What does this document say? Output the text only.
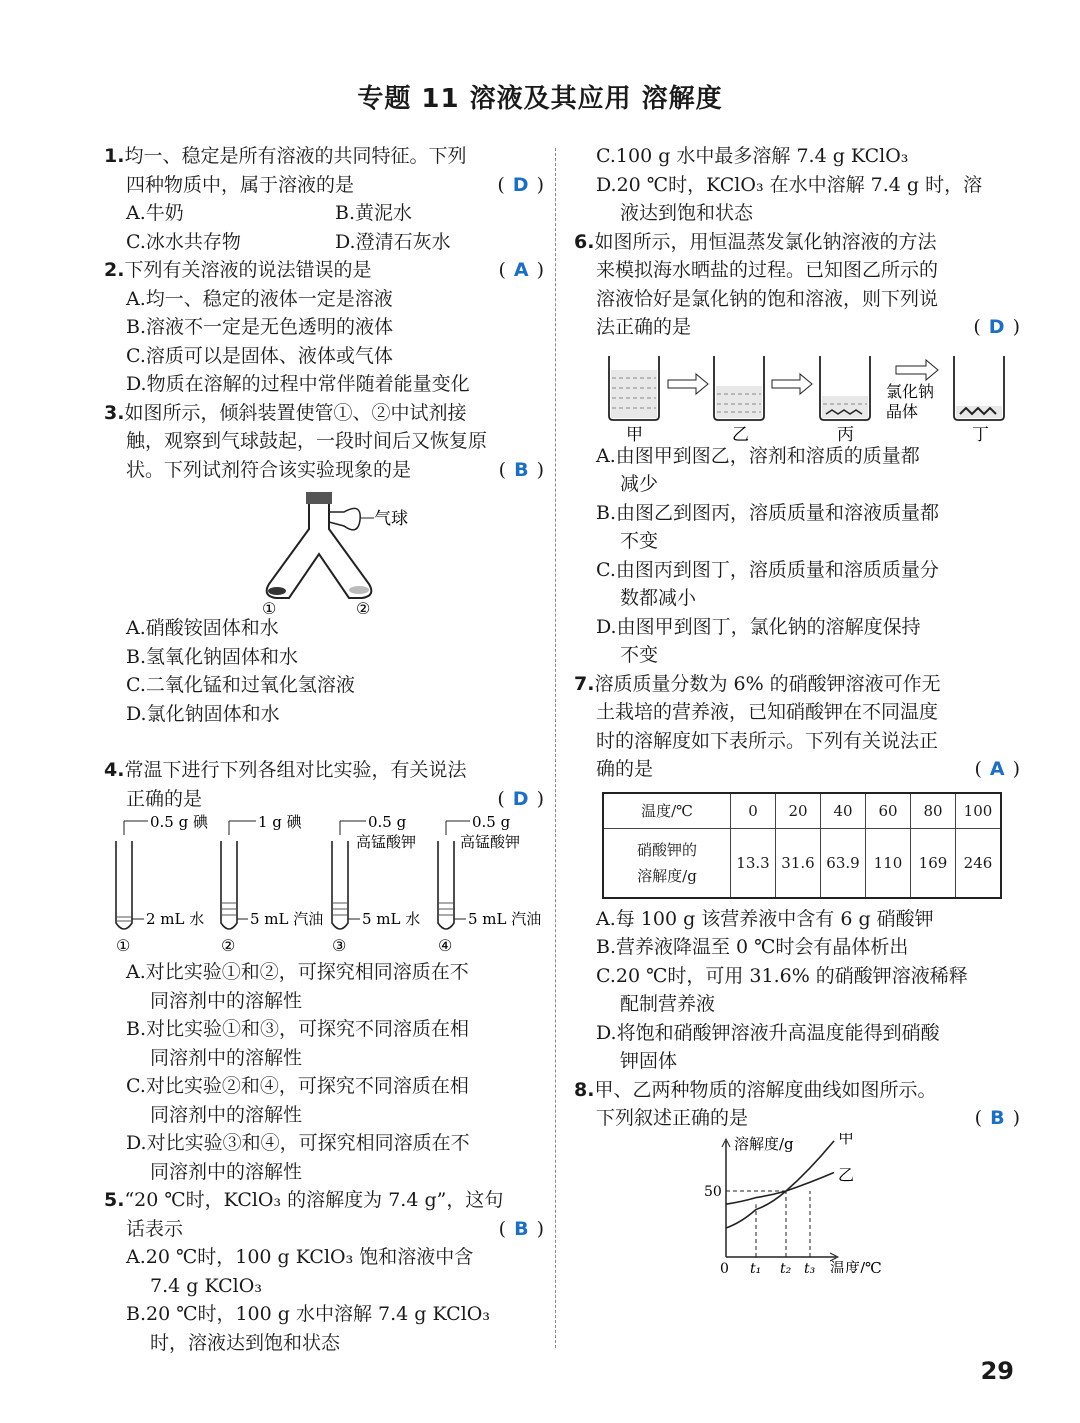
专题 11 溶液及其应用 溶解度
1.均一、稳定是所有溶液的共同特征。下列
四种物质中，属于溶液的是	( D )
A.牛奶	B.黄泥水
C.冰水共存物	D.澄清石灰水
2.下列有关溶液的说法错误的是	( A )
A.均一、稳定的液体一定是溶液
B.溶液不一定是无色透明的液体
C.溶质可以是固体、液体或气体
D.物质在溶解的过程中常伴随着能量变化
3.如图所示，倾斜装置使管①、②中试剂接
触，观察到气球鼓起，一段时间后又恢复原
状。下列试剂符合该实验现象的是	( B )
气球
①	②
A.硝酸铵固体和水
B.氢氧化钠固体和水
C.二氧化锰和过氧化氢溶液
D.氯化钠固体和水
4.常温下进行下列各组对比实验，有关说法
正确的是	( D )
0.5 g 碘
2 mL 水
①
1 g 碘
5 mL 汽油
②
0.5 g
高锰酸钾
5 mL 水
③
0.5 g
高锰酸钾
5 mL 汽油
④
A.对比实验①和②，可探究相同溶质在不
同溶剂中的溶解性
B.对比实验①和③，可探究不同溶质在相
同溶剂中的溶解性
C.对比实验②和④，可探究不同溶质在相
同溶剂中的溶解性
D.对比实验③和④，可探究相同溶质在不
同溶剂中的溶解性
5.“20 ℃时，KClO₃ 的溶解度为 7.4 g”，这句
话表示	( B )
A.20 ℃时，100 g KClO₃ 饱和溶液中含
7.4 g KClO₃
B.20 ℃时，100 g 水中溶解 7.4 g KClO₃
时，溶液达到饱和状态
C.100 g 水中最多溶解 7.4 g KClO₃
D.20 ℃时，KClO₃ 在水中溶解 7.4 g 时，溶
液达到饱和状态
6.如图所示，用恒温蒸发氯化钠溶液的方法
来模拟海水晒盐的过程。已知图乙所示的
溶液恰好是氯化钠的饱和溶液，则下列说
法正确的是	( D )
甲	乙	丙
氯化钠
晶体
丁
A.由图甲到图乙，溶剂和溶质的质量都
减少
B.由图乙到图丙，溶质质量和溶液质量都
不变
C.由图丙到图丁，溶质质量和溶质质量分
数都减小
D.由图甲到图丁，氯化钠的溶解度保持
不变
7.溶质质量分数为 6% 的硝酸钾溶液可作无
土栽培的营养液，已知硝酸钾在不同温度
时的溶解度如下表所示。下列有关说法正
确的是	( A )
温度/℃	0	20	40	60	80	100

硝酸钾的
溶解度/g	13.3	31.6	63.9	110	169	246
A.每 100 g 该营养液中含有 6 g 硝酸钾
B.营养液降温至 0 ℃时会有晶体析出
C.20 ℃时，可用 31.6% 的硝酸钾溶液稀释
配制营养液
D.将饱和硝酸钾溶液升高温度能得到硝酸
钾固体
8.甲、乙两种物质的溶解度曲线如图所示。
下列叙述正确的是	( B )
溶解度/g
温度/℃
0
甲
乙
50
t₁ t₂ t₃
29
